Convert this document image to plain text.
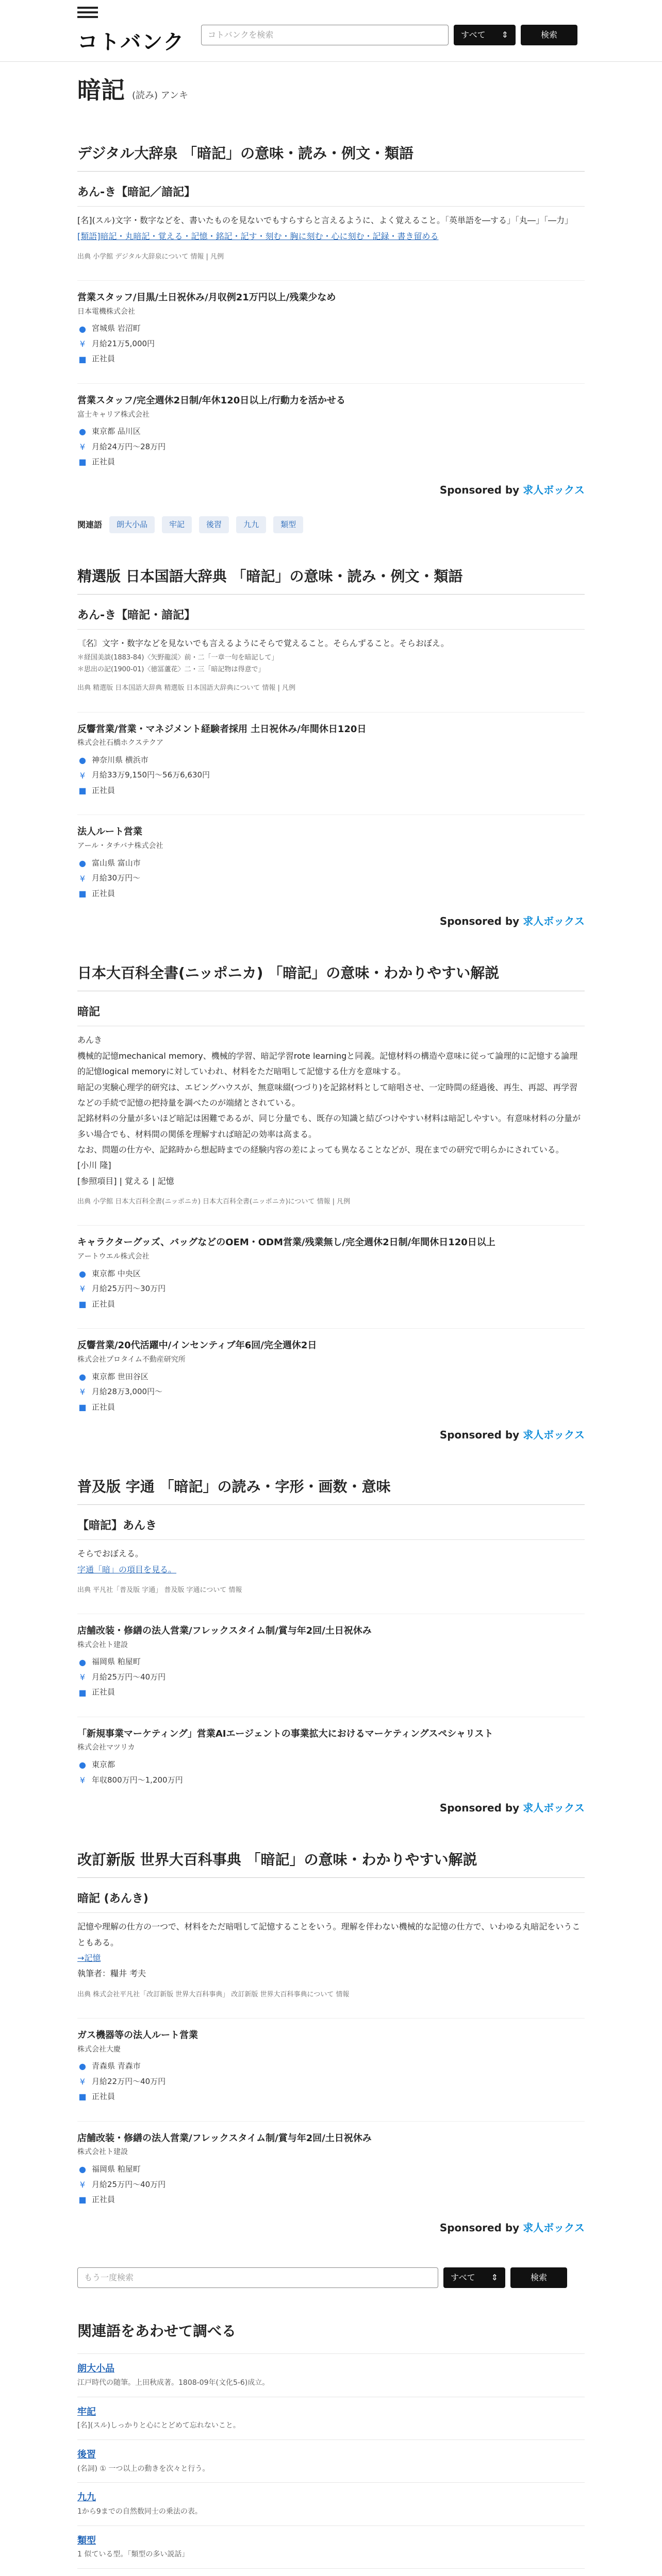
コトバンク	コトバンクを検索	すべて ⇕	検索
暗記 (読み) アンキ
デジタル大辞泉 「暗記」の意味・読み・例文・類語
あん‐き【暗記／諳記】
[名](スル)文字・数字などを、書いたものを見ないでもすらすらと言えるように、よく覚えること。「英単語を―する」「丸―」「―力」
[類語]暗記・丸暗記・覚える・記憶・銘記・記す・刻む・胸に刻む・心に刻む・記録・書き留める
出典 小学館 デジタル大辞泉について 情報 | 凡例
営業スタッフ/目黒/土日祝休み/月収例21万円以上/残業少なめ
日本電機株式会社
● 宮城県 岩沼町
¥ 月給21万5,000円
■ 正社員
営業スタッフ/完全週休2日制/年休120日以上/行動力を活かせる
富士キャリア株式会社
● 東京都 品川区
¥ 月給24万円〜28万円
■ 正社員
Sponsored by 求人ボックス
関連語	朗大小品	牢記	後習	九九	類型
精選版 日本国語大辞典 「暗記」の意味・読み・例文・類語
あん‐き【暗記・諳記】
〘名〙文字・数字などを見ないでも言えるようにそらで覚えること。そらんずること。そらおぼえ。
＊経国美談(1883‐84)〈矢野龍渓〉前・二「一章一句を暗記して」
＊思出の記(1900‐01)〈徳冨蘆花〉二・三「暗記物は得意で」
出典 精選版 日本国語大辞典 精選版 日本国語大辞典について 情報 | 凡例
反響営業/営業・マネジメント経験者採用 土日祝休み/年間休日120日
株式会社石橋ホクステクア
● 神奈川県 横浜市
¥ 月給33万9,150円〜56万6,630円
■ 正社員
法人ルート営業
アール・タチバナ株式会社
● 富山県 富山市
¥ 月給30万円〜
■ 正社員
Sponsored by 求人ボックス
日本大百科全書(ニッポニカ) 「暗記」の意味・わかりやすい解説
暗記
あんき
機械的記憶mechanical memory、機械的学習、暗記学習rote learningと同義。記憶材料の構造や意味に従って論理的に記憶する論理的記憶logical memoryに対していわれ、材料をただ暗唱して記憶する仕方を意味する。
暗記の実験心理学的研究は、エビングハウスが、無意味綴(つづり)を記銘材料として暗唱させ、一定時間の経過後、再生、再認、再学習などの手続で記憶の把持量を調べたのが端緒とされている。
記銘材料の分量が多いほど暗記は困難であるが、同じ分量でも、既存の知識と結びつけやすい材料は暗記しやすい。有意味材料の分量が多い場合でも、材料間の関係を理解すれば暗記の効率は高まる。
なお、問題の仕方や、記銘時から想起時までの経験内容の差によっても異なることなどが、現在までの研究で明らかにされている。
[小川 隆]
[参照項目] | 覚える | 記憶
出典 小学館 日本大百科全書(ニッポニカ) 日本大百科全書(ニッポニカ)について 情報 | 凡例
キャラクターグッズ、バッグなどのOEM・ODM営業/残業無し/完全週休2日制/年間休日120日以上
アートウエル株式会社
● 東京都 中央区
¥ 月給25万円〜30万円
■ 正社員
反響営業/20代活躍中/インセンティブ年6回/完全週休2日
株式会社プロタイム不動産研究所
● 東京都 世田谷区
¥ 月給28万3,000円〜
■ 正社員
Sponsored by 求人ボックス
普及版 字通 「暗記」の読み・字形・画数・意味
【暗記】あんき
そらでおぼえる。
字通「暗」の項目を見る。
出典 平凡社「普及版 字通」 普及版 字通について 情報
店舗改装・修繕の法人営業/フレックスタイム制/賞与年2回/土日祝休み
株式会社ト建設
● 福岡県 粕屋町
¥ 月給25万円〜40万円
■ 正社員
「新規事業マーケティング」営業AIエージェントの事業拡大におけるマーケティングスペシャリスト
株式会社マツリカ
● 東京都
¥ 年収800万円〜1,200万円
Sponsored by 求人ボックス
改訂新版 世界大百科事典 「暗記」の意味・わかりやすい解説
暗記 (あんき)
記憶や理解の仕方の一つで、材料をただ暗唱して記憶することをいう。理解を伴わない機械的な記憶の仕方で、いわゆる丸暗記をいうこともある。
→記憶
執筆者：糧井 考夫
出典 株式会社平凡社「改訂新版 世界大百科事典」 改訂新版 世界大百科事典について 情報
ガス機器等の法人ルート営業
株式会社大慶
● 青森県 青森市
¥ 月給22万円〜40万円
■ 正社員
店舗改装・修繕の法人営業/フレックスタイム制/賞与年2回/土日祝休み
株式会社ト建設
● 福岡県 粕屋町
¥ 月給25万円〜40万円
■ 正社員
Sponsored by 求人ボックス
もう一度検索	すべて ⇕	検索
関連語をあわせて調べる
朗大小品

江戸時代の随筆。上田秋成著。1808-09年(文化5-6)成立。

牢記

[名](スル)しっかりと心にとどめて忘れないこと。

後習

(名詞) ① 一つ以上の動きを次々と行う。

九九

1から9までの自然数同士の乗法の表。

類型

1 似ている型。「類型の多い説話」
